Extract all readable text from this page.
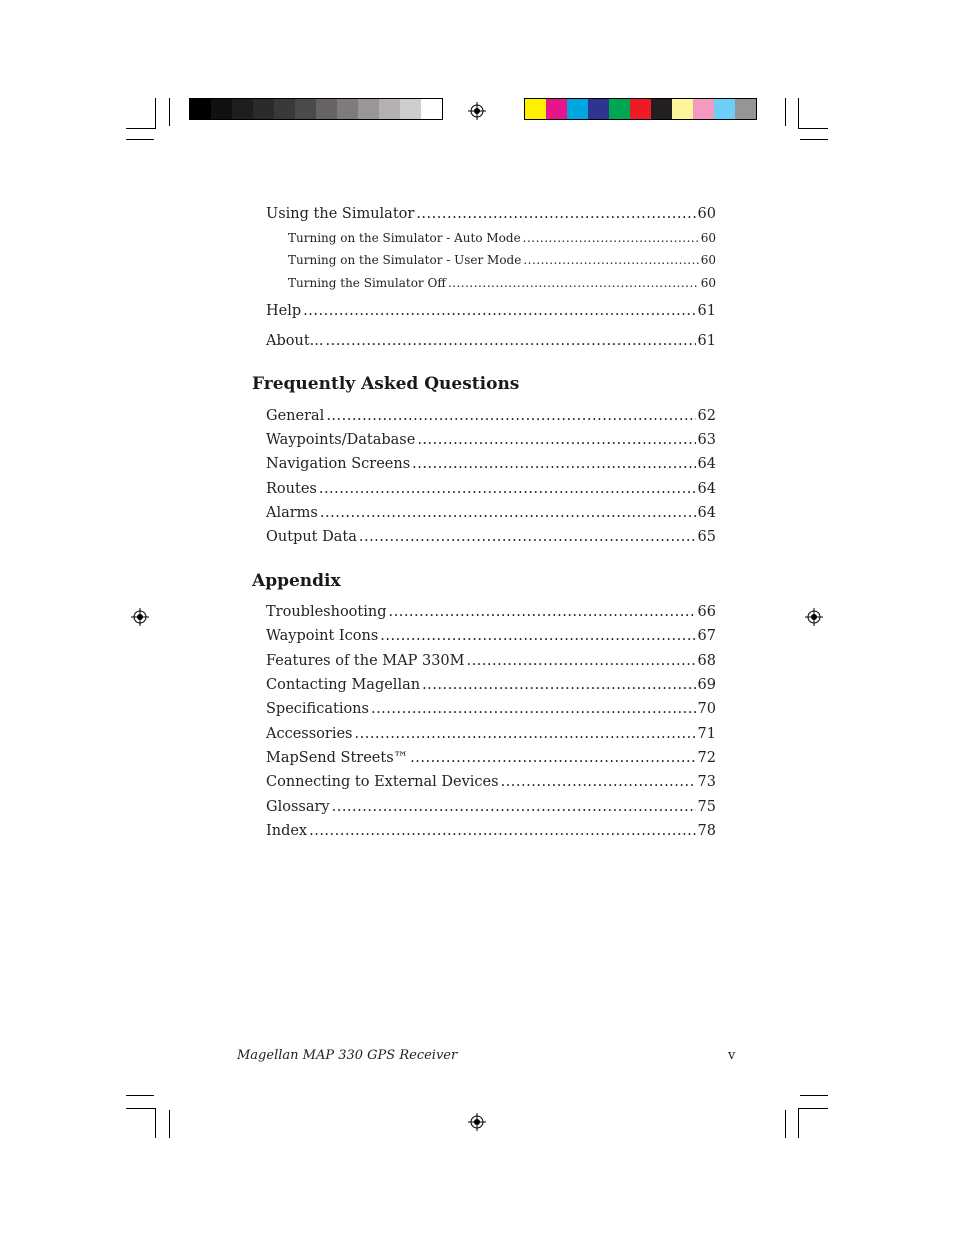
Using the Simulator .....	60
Turning on the Simulator - Auto Mode .....	60
Turning on the Simulator - User Mode .....	60
Turning the Simulator Off .....	60
Help .....	61
About... .....	61
Frequently Asked Questions
General .....	62
Waypoints/Database .....	63
Navigation Screens .....	64
Routes .....	64
Alarms .....	64
Output Data .....	65
Appendix
Troubleshooting .....	66
Waypoint Icons .....	67
Features of the MAP 330M .....	68
Contacting Magellan .....	69
Specifications .....	70
Accessories .....	71
MapSend Streets™ .....	72
Connecting to External Devices .....	73
Glossary .....	75
Index .....	78
Magellan MAP 330 GPS Receiver	v
